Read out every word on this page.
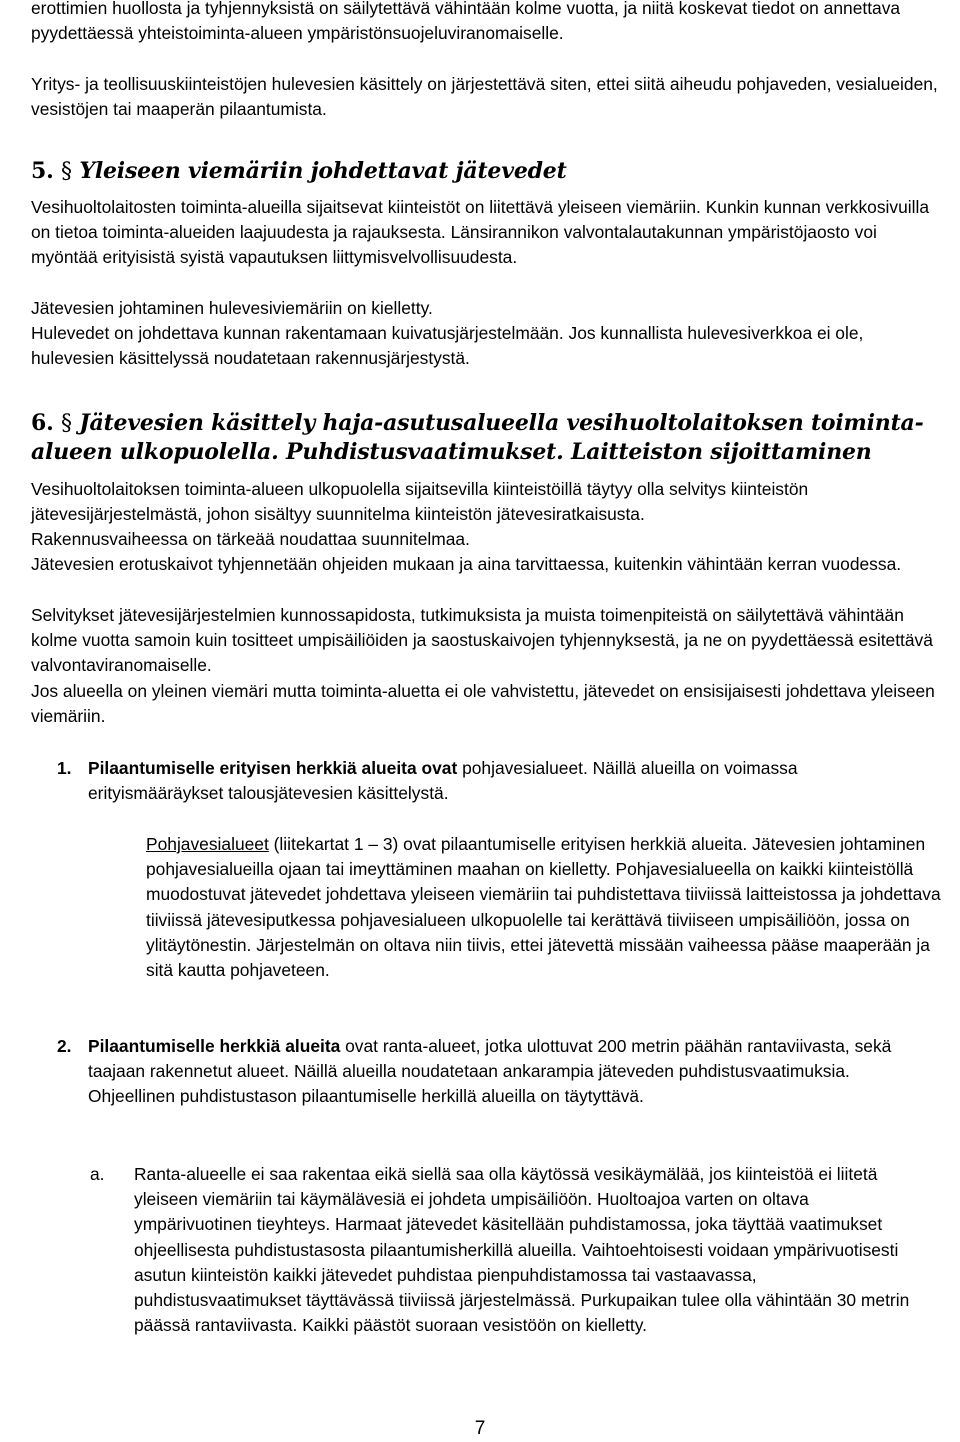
erottimien huollosta ja tyhjennyksistä on säilytettävä vähintään kolme vuotta, ja niitä koskevat tiedot on annettava pyydettäessä yhteistoiminta-alueen ympäristönsuojeluviranomaiselle.

Yritys- ja teollisuuskiinteistöjen hulevesien käsittely on järjestettävä siten, ettei siitä aiheudu pohjaveden, vesialueiden, vesistöjen tai maaperän pilaantumista.

5. § Yleiseen viemäriin johdettavat jätevedet

Vesihuoltolaitosten toiminta-alueilla sijaitsevat kiinteistöt on liitettävä yleiseen viemäriin. Kunkin kunnan verkkosivuilla on tietoa toiminta-alueiden laajuudesta ja rajauksesta. Länsirannikon valvontalautakunnan ympäristöjaosto voi myöntää erityisistä syistä vapautuksen liittymisvelvollisuudesta.

Jätevesien johtaminen hulevesiviemäriin on kielletty.

Hulevedet on johdettava kunnan rakentamaan kuivatusjärjestelmään. Jos kunnallista hulevesiverkkoa ei ole, hulevesien käsittelyssä noudatetaan rakennusjärjestystä.

6. § Jätevesien käsittely haja-asutusalueella vesihuoltolaitoksen toiminta-alueen ulkopuolella. Puhdistusvaatimukset. Laitteiston sijoittaminen

Vesihuoltolaitoksen toiminta-alueen ulkopuolella sijaitsevilla kiinteistöillä täytyy olla selvitys kiinteistön jätevesijärjestelmästä, johon sisältyy suunnitelma kiinteistön jätevesiratkaisusta.

Rakennusvaiheessa on tärkeää noudattaa suunnitelmaa.

Jätevesien erotuskaivot tyhjennetään ohjeiden mukaan ja aina tarvittaessa, kuitenkin vähintään kerran vuodessa.

Selvitykset jätevesijärjestelmien kunnossapidosta, tutkimuksista ja muista toimenpiteistä on säilytettävä vähintään kolme vuotta samoin kuin tositteet umpisäiliöiden ja saostuskaivojen tyhjennyksestä, ja ne on pyydettäessä esitettävä valvontaviranomaiselle.

Jos alueella on yleinen viemäri mutta toiminta-aluetta ei ole vahvistettu, jätevedet on ensisijaisesti johdettava yleiseen viemäriin.

1. Pilaantumiselle erityisen herkkiä alueita ovat pohjavesialueet. Näillä alueilla on voimassa erityismääräykset talousjätevesien käsittelystä.
Pohjavesialueet (liitekartat 1 – 3) ovat pilaantumiselle erityisen herkkiä alueita. Jätevesien johtaminen pohjavesialueilla ojaan tai imeyttäminen maahan on kielletty. Pohjavesialueella on kaikki kiinteistöllä muodostuvat jätevedet johdettava yleiseen viemäriin tai puhdistettava tiiviissä laitteistossa ja johdettava tiiviissä jätevesiputkessa pohjavesialueen ulkopuolelle tai kerättävä tiiviiseen umpisäiliöön, jossa on ylitäytönestin. Järjestelmän on oltava niin tiivis, ettei jätevettä missään vaiheessa pääse maaperään ja sitä kautta pohjaveteen.
2. Pilaantumiselle herkkiä alueita ovat ranta-alueet, jotka ulottuvat 200 metrin päähän rantaviivasta, sekä taajaan rakennetut alueet. Näillä alueilla noudatetaan ankarampia jäteveden puhdistusvaatimuksia. Ohjeellinen puhdistustason pilaantumiselle herkillä alueilla on täytyttävä.
a. Ranta-alueelle ei saa rakentaa eikä siellä saa olla käytössä vesikäymälää, jos kiinteistöä ei liitetä yleiseen viemäriin tai käymälävesiä ei johdeta umpisäiliöön. Huoltoajoa varten on oltava ympärivuotinen tieyhteys. Harmaat jätevedet käsitellään puhdistamossa, joka täyttää vaatimukset ohjeellisesta puhdistustasosta pilaantumisherkillä alueilla. Vaihtoehtoisesti voidaan ympärivuotisesti asutun kiinteistön kaikki jätevedet puhdistaa pienpuhdistamossa tai vastaavassa, puhdistusvaatimukset täyttävässä tiiviissä järjestelmässä. Purkupaikan tulee olla vähintään 30 metrin päässä rantaviivasta. Kaikki päästöt suoraan vesistöön on kielletty.
7
